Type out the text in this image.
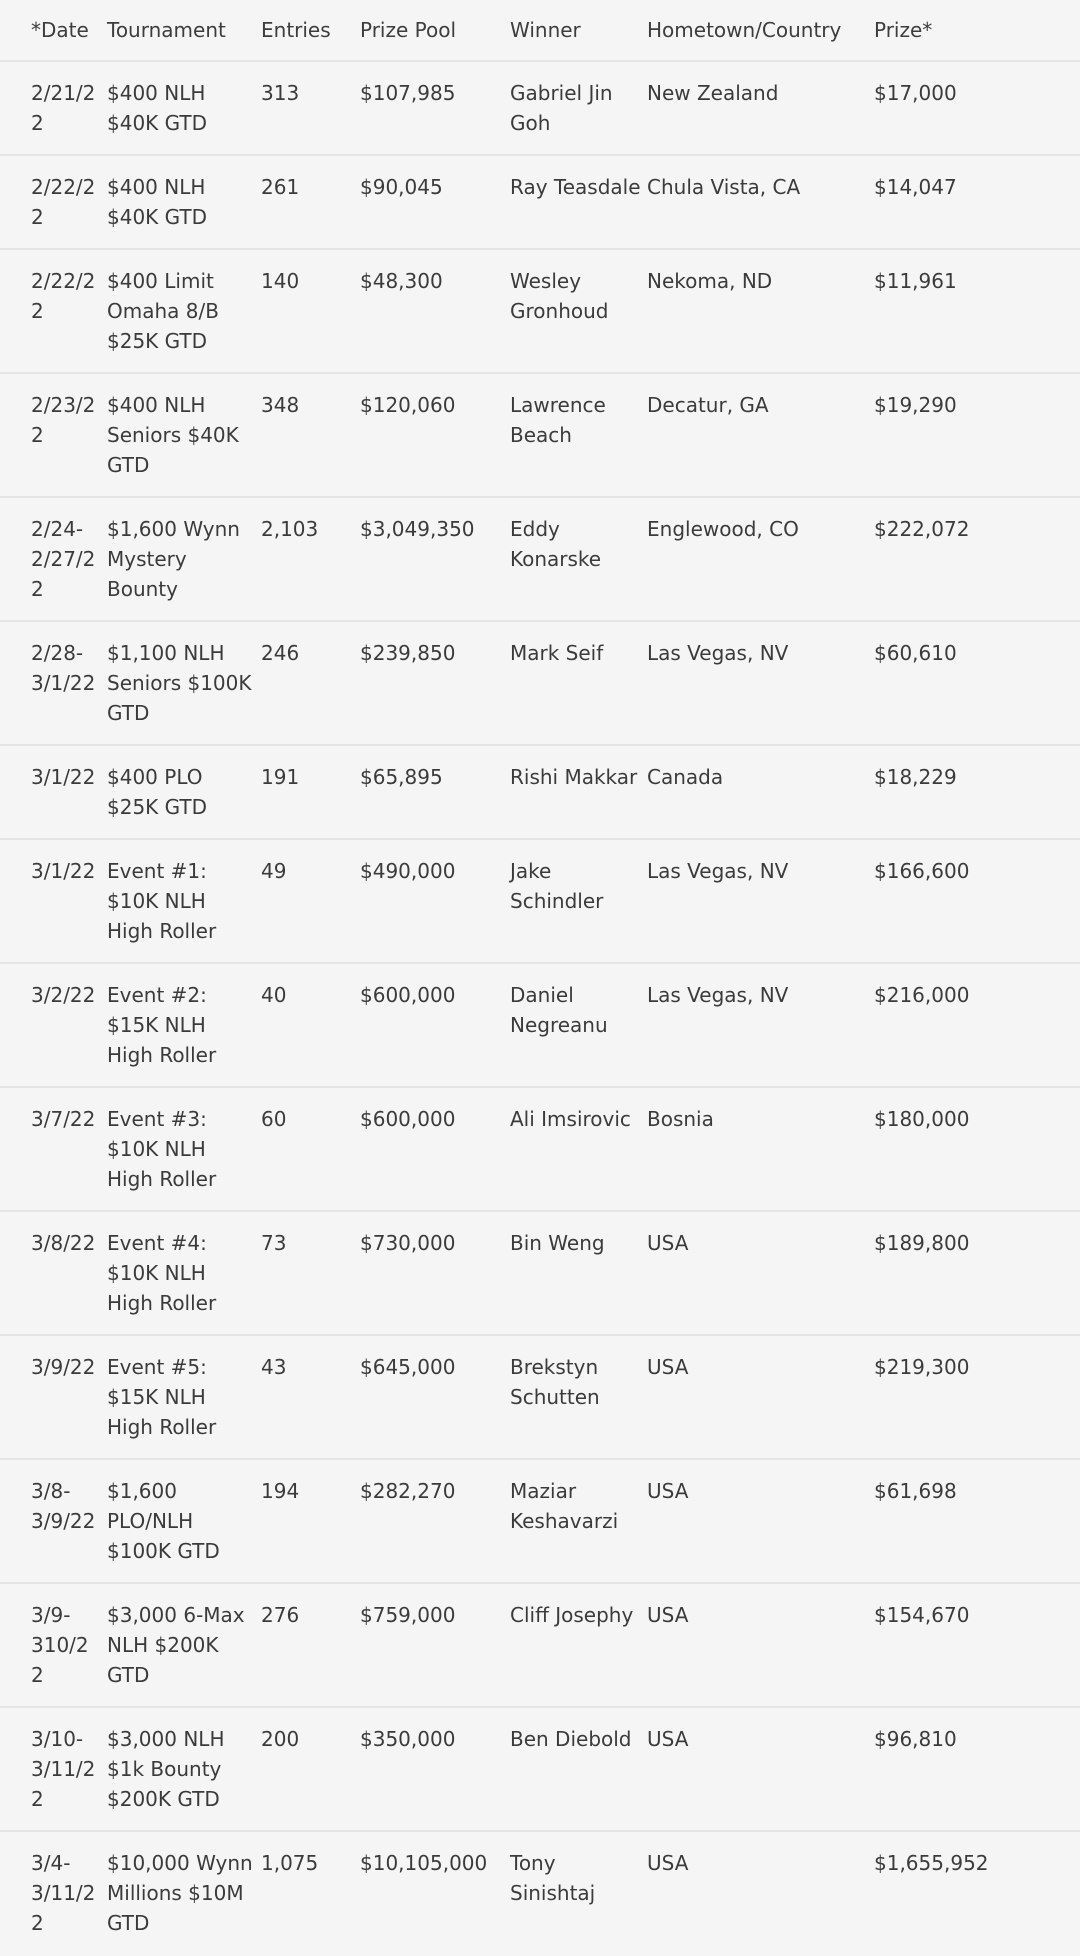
*Date	Tournament	Entries	Prize Pool	Winner	Hometown/Country	Prize*
2/21/22	$400 NLH $40K GTD	313	$107,985	Gabriel Jin Goh	New Zealand	$17,000
2/22/22	$400 NLH $40K GTD	261	$90,045	Ray Teasdale	Chula Vista, CA	$14,047
2/22/22	$400 Limit Omaha 8/B $25K GTD	140	$48,300	Wesley Gronhoud	Nekoma, ND	$11,961
2/23/22	$400 NLH Seniors $40K GTD	348	$120,060	Lawrence Beach	Decatur, GA	$19,290
2/24-2/27/22	$1,600 Wynn Mystery Bounty	2,103	$3,049,350	Eddy Konarske	Englewood, CO	$222,072
2/28-3/1/22	$1,100 NLH Seniors $100K GTD	246	$239,850	Mark Seif	Las Vegas, NV	$60,610
3/1/22	$400 PLO $25K GTD	191	$65,895	Rishi Makkar	Canada	$18,229
3/1/22	Event #1: $10K NLH High Roller	49	$490,000	Jake Schindler	Las Vegas, NV	$166,600
3/2/22	Event #2: $15K NLH High Roller	40	$600,000	Daniel Negreanu	Las Vegas, NV	$216,000
3/7/22	Event #3: $10K NLH High Roller	60	$600,000	Ali Imsirovic	Bosnia	$180,000
3/8/22	Event #4: $10K NLH High Roller	73	$730,000	Bin Weng	USA	$189,800
3/9/22	Event #5: $15K NLH High Roller	43	$645,000	Brekstyn Schutten	USA	$219,300
3/8-3/9/22	$1,600 PLO/NLH $100K GTD	194	$282,270	Maziar Keshavarzi	USA	$61,698
3/9-310/22	$3,000 6-Max NLH $200K GTD	276	$759,000	Cliff Josephy	USA	$154,670
3/10-3/11/22	$3,000 NLH $1k Bounty $200K GTD	200	$350,000	Ben Diebold	USA	$96,810
3/4-3/11/22	$10,000 Wynn Millions $10M GTD	1,075	$10,105,000	Tony Sinishtaj	USA	$1,655,952
